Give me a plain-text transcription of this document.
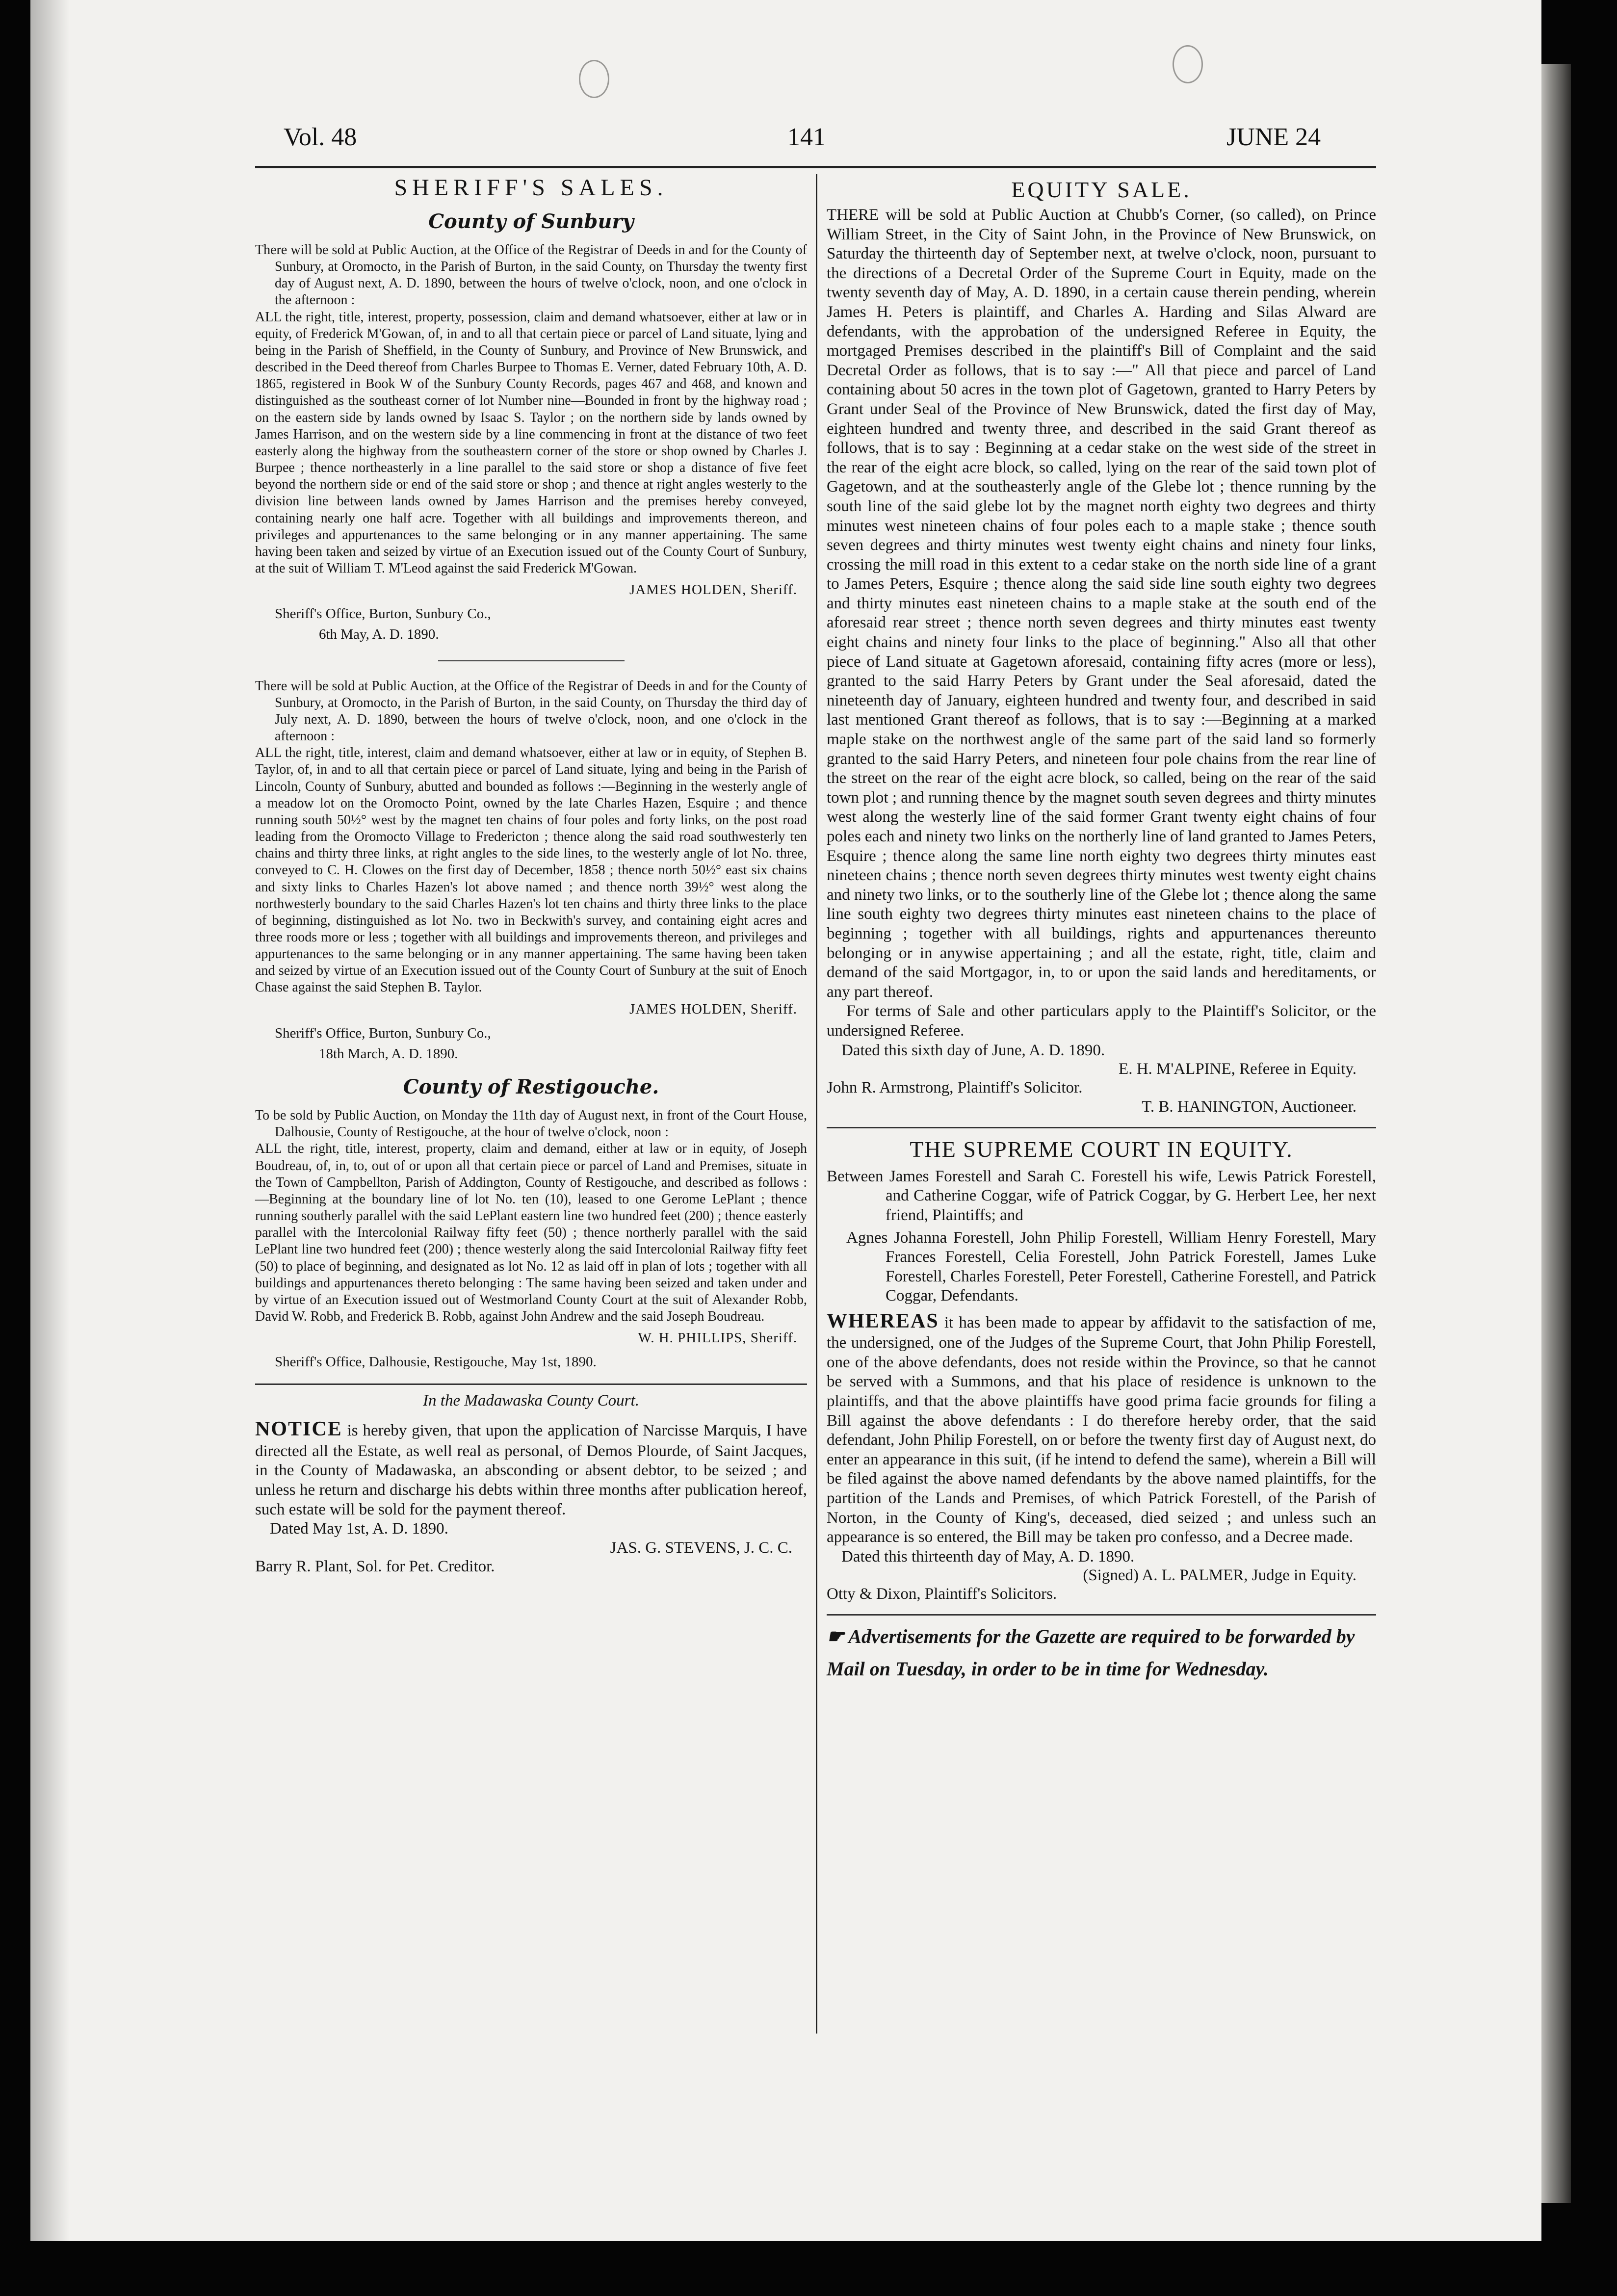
Vol. 48	141	JUNE 24
SHERIFF'S SALES.
County of Sunbury

There will be sold at Public Auction, at the Office of the Registrar of Deeds in and for the County of Sunbury, at Oromocto, in the Parish of Burton, in the said County, on Thursday the twenty first day of August next, A. D. 1890, between the hours of twelve o'clock, noon, and one o'clock in the afternoon :

ALL the right, title, interest, property, possession, claim and demand whatsoever, either at law or in equity, of Frederick M'Gowan, of, in and to all that certain piece or parcel of Land situate, lying and being in the Parish of Sheffield, in the County of Sunbury, and Province of New Brunswick, and described in the Deed thereof from Charles Burpee to Thomas E. Verner, dated February 10th, A. D. 1865, registered in Book W of the Sunbury County Records, pages 467 and 468, and known and distinguished as the southeast corner of lot Number nine—Bounded in front by the highway road ; on the eastern side by lands owned by Isaac S. Taylor ; on the northern side by lands owned by James Harrison, and on the western side by a line commencing in front at the distance of two feet easterly along the highway from the southeastern corner of the store or shop owned by Charles J. Burpee ; thence northeasterly in a line parallel to the said store or shop a distance of five feet beyond the northern side or end of the said store or shop ; and thence at right angles westerly to the division line between lands owned by James Harrison and the premises hereby conveyed, containing nearly one half acre. Together with all buildings and improvements thereon, and privileges and appurtenances to the same belonging or in any manner appertaining. The same having been taken and seized by virtue of an Execution issued out of the County Court of Sunbury, at the suit of William T. M'Leod against the said Frederick M'Gowan.

JAMES HOLDEN, Sheriff.
Sheriff's Office, Burton, Sunbury Co.,
6th May, A. D. 1890.

There will be sold at Public Auction, at the Office of the Registrar of Deeds in and for the County of Sunbury, at Oromocto, in the Parish of Burton, in the said County, on Thursday the third day of July next, A. D. 1890, between the hours of twelve o'clock, noon, and one o'clock in the afternoon :

ALL the right, title, interest, claim and demand whatsoever, either at law or in equity, of Stephen B. Taylor, of, in and to all that certain piece or parcel of Land situate, lying and being in the Parish of Lincoln, County of Sunbury, abutted and bounded as follows :—Beginning in the westerly angle of a meadow lot on the Oromocto Point, owned by the late Charles Hazen, Esquire ; and thence running south 50½° west by the magnet ten chains of four poles and forty links, on the post road leading from the Oromocto Village to Fredericton ; thence along the said road southwesterly ten chains and thirty three links, at right angles to the side lines, to the westerly angle of lot No. three, conveyed to C. H. Clowes on the first day of December, 1858 ; thence north 50½° east six chains and sixty links to Charles Hazen's lot above named ; and thence north 39½° west along the northwesterly boundary to the said Charles Hazen's lot ten chains and thirty three links to the place of beginning, distinguished as lot No. two in Beckwith's survey, and containing eight acres and three roods more or less ; together with all buildings and improvements thereon, and privileges and appurtenances to the same belonging or in any manner appertaining. The same having been taken and seized by virtue of an Execution issued out of the County Court of Sunbury at the suit of Enoch Chase against the said Stephen B. Taylor.

JAMES HOLDEN, Sheriff.
Sheriff's Office, Burton, Sunbury Co.,
18th March, A. D. 1890.
County of Restigouche.

To be sold by Public Auction, on Monday the 11th day of August next, in front of the Court House, Dalhousie, County of Restigouche, at the hour of twelve o'clock, noon :

ALL the right, title, interest, property, claim and demand, either at law or in equity, of Joseph Boudreau, of, in, to, out of or upon all that certain piece or parcel of Land and Premises, situate in the Town of Campbellton, Parish of Addington, County of Restigouche, and described as follows :—Beginning at the boundary line of lot No. ten (10), leased to one Gerome LePlant ; thence running southerly parallel with the said LePlant eastern line two hundred feet (200) ; thence easterly parallel with the Intercolonial Railway fifty feet (50) ; thence northerly parallel with the said LePlant line two hundred feet (200) ; thence westerly along the said Intercolonial Railway fifty feet (50) to place of beginning, and designated as lot No. 12 as laid off in plan of lots ; together with all buildings and appurtenances thereto belonging : The same having been seized and taken under and by virtue of an Execution issued out of Westmorland County Court at the suit of Alexander Robb, David W. Robb, and Frederick B. Robb, against John Andrew and the said Joseph Boudreau.

W. H. PHILLIPS, Sheriff.
Sheriff's Office, Dalhousie, Restigouche, May 1st, 1890.
In the Madawaska County Court.

NOTICE is hereby given, that upon the application of Narcisse Marquis, I have directed all the Estate, as well real as personal, of Demos Plourde, of Saint Jacques, in the County of Madawaska, an absconding or absent debtor, to be seized ; and unless he return and discharge his debts within three months after publication hereof, such estate will be sold for the payment thereof.

Dated May 1st, A. D. 1890.
JAS. G. STEVENS, J. C. C.
Barry R. Plant, Sol. for Pet. Creditor.
EQUITY SALE.

THERE will be sold at Public Auction at Chubb's Corner, (so called), on Prince William Street, in the City of Saint John, in the Province of New Brunswick, on Saturday the thirteenth day of September next, at twelve o'clock, noon, pursuant to the directions of a Decretal Order of the Supreme Court in Equity, made on the twenty seventh day of May, A. D. 1890, in a certain cause therein pending, wherein James H. Peters is plaintiff, and Charles A. Harding and Silas Alward are defendants, with the approbation of the undersigned Referee in Equity, the mortgaged Premises described in the plaintiff's Bill of Complaint and the said Decretal Order as follows, that is to say :—" All that piece and parcel of Land containing about 50 acres in the town plot of Gagetown, granted to Harry Peters by Grant under Seal of the Province of New Brunswick, dated the first day of May, eighteen hundred and twenty three, and described in the said Grant thereof as follows, that is to say : Beginning at a cedar stake on the west side of the street in the rear of the eight acre block, so called, lying on the rear of the said town plot of Gagetown, and at the southeasterly angle of the Glebe lot ; thence running by the south line of the said glebe lot by the magnet north eighty two degrees and thirty minutes west nineteen chains of four poles each to a maple stake ; thence south seven degrees and thirty minutes west twenty eight chains and ninety four links, crossing the mill road in this extent to a cedar stake on the north side line of a grant to James Peters, Esquire ; thence along the said side line south eighty two degrees and thirty minutes east nineteen chains to a maple stake at the south end of the aforesaid rear street ; thence north seven degrees and thirty minutes east twenty eight chains and ninety four links to the place of beginning." Also all that other piece of Land situate at Gagetown aforesaid, containing fifty acres (more or less), granted to the said Harry Peters by Grant under the Seal aforesaid, dated the nineteenth day of January, eighteen hundred and twenty four, and described in said last mentioned Grant thereof as follows, that is to say :—Beginning at a marked maple stake on the northwest angle of the same part of the said land so formerly granted to the said Harry Peters, and nineteen four pole chains from the rear line of the street on the rear of the eight acre block, so called, being on the rear of the said town plot ; and running thence by the magnet south seven degrees and thirty minutes west along the westerly line of the said former Grant twenty eight chains of four poles each and ninety two links on the northerly line of land granted to James Peters, Esquire ; thence along the same line north eighty two degrees thirty minutes east nineteen chains ; thence north seven degrees thirty minutes west twenty eight chains and ninety two links, or to the southerly line of the Glebe lot ; thence along the same line south eighty two degrees thirty minutes east nineteen chains to the place of beginning ; together with all buildings, rights and appurtenances thereunto belonging or in anywise appertaining ; and all the estate, right, title, claim and demand of the said Mortgagor, in, to or upon the said lands and hereditaments, or any part thereof.

For terms of Sale and other particulars apply to the Plaintiff's Solicitor, or the undersigned Referee.

Dated this sixth day of June, A. D. 1890.
E. H. M'ALPINE, Referee in Equity.
John R. Armstrong, Plaintiff's Solicitor.
T. B. HANINGTON, Auctioneer.
THE SUPREME COURT IN EQUITY.

Between James Forestell and Sarah C. Forestell his wife, Lewis Patrick Forestell, and Catherine Coggar, wife of Patrick Coggar, by G. Herbert Lee, her next friend, Plaintiffs; and

Agnes Johanna Forestell, John Philip Forestell, William Henry Forestell, Mary Frances Forestell, Celia Forestell, John Patrick Forestell, James Luke Forestell, Charles Forestell, Peter Forestell, Catherine Forestell, and Patrick Coggar, Defendants.

WHEREAS it has been made to appear by affidavit to the satisfaction of me, the undersigned, one of the Judges of the Supreme Court, that John Philip Forestell, one of the above defendants, does not reside within the Province, so that he cannot be served with a Summons, and that his place of residence is unknown to the plaintiffs, and that the above plaintiffs have good prima facie grounds for filing a Bill against the above defendants : I do therefore hereby order, that the said defendant, John Philip Forestell, on or before the twenty first day of August next, do enter an appearance in this suit, (if he intend to defend the same), wherein a Bill will be filed against the above named defendants by the above named plaintiffs, for the partition of the Lands and Premises, of which Patrick Forestell, of the Parish of Norton, in the County of King's, deceased, died seized ; and unless such an appearance is so entered, the Bill may be taken pro confesso, and a Decree made.

Dated this thirteenth day of May, A. D. 1890.
(Signed) A. L. PALMER, Judge in Equity.
Otty & Dixon, Plaintiff's Solicitors.
☛ Advertisements for the Gazette are required to be forwarded by Mail on Tuesday, in order to be in time for Wednesday.
